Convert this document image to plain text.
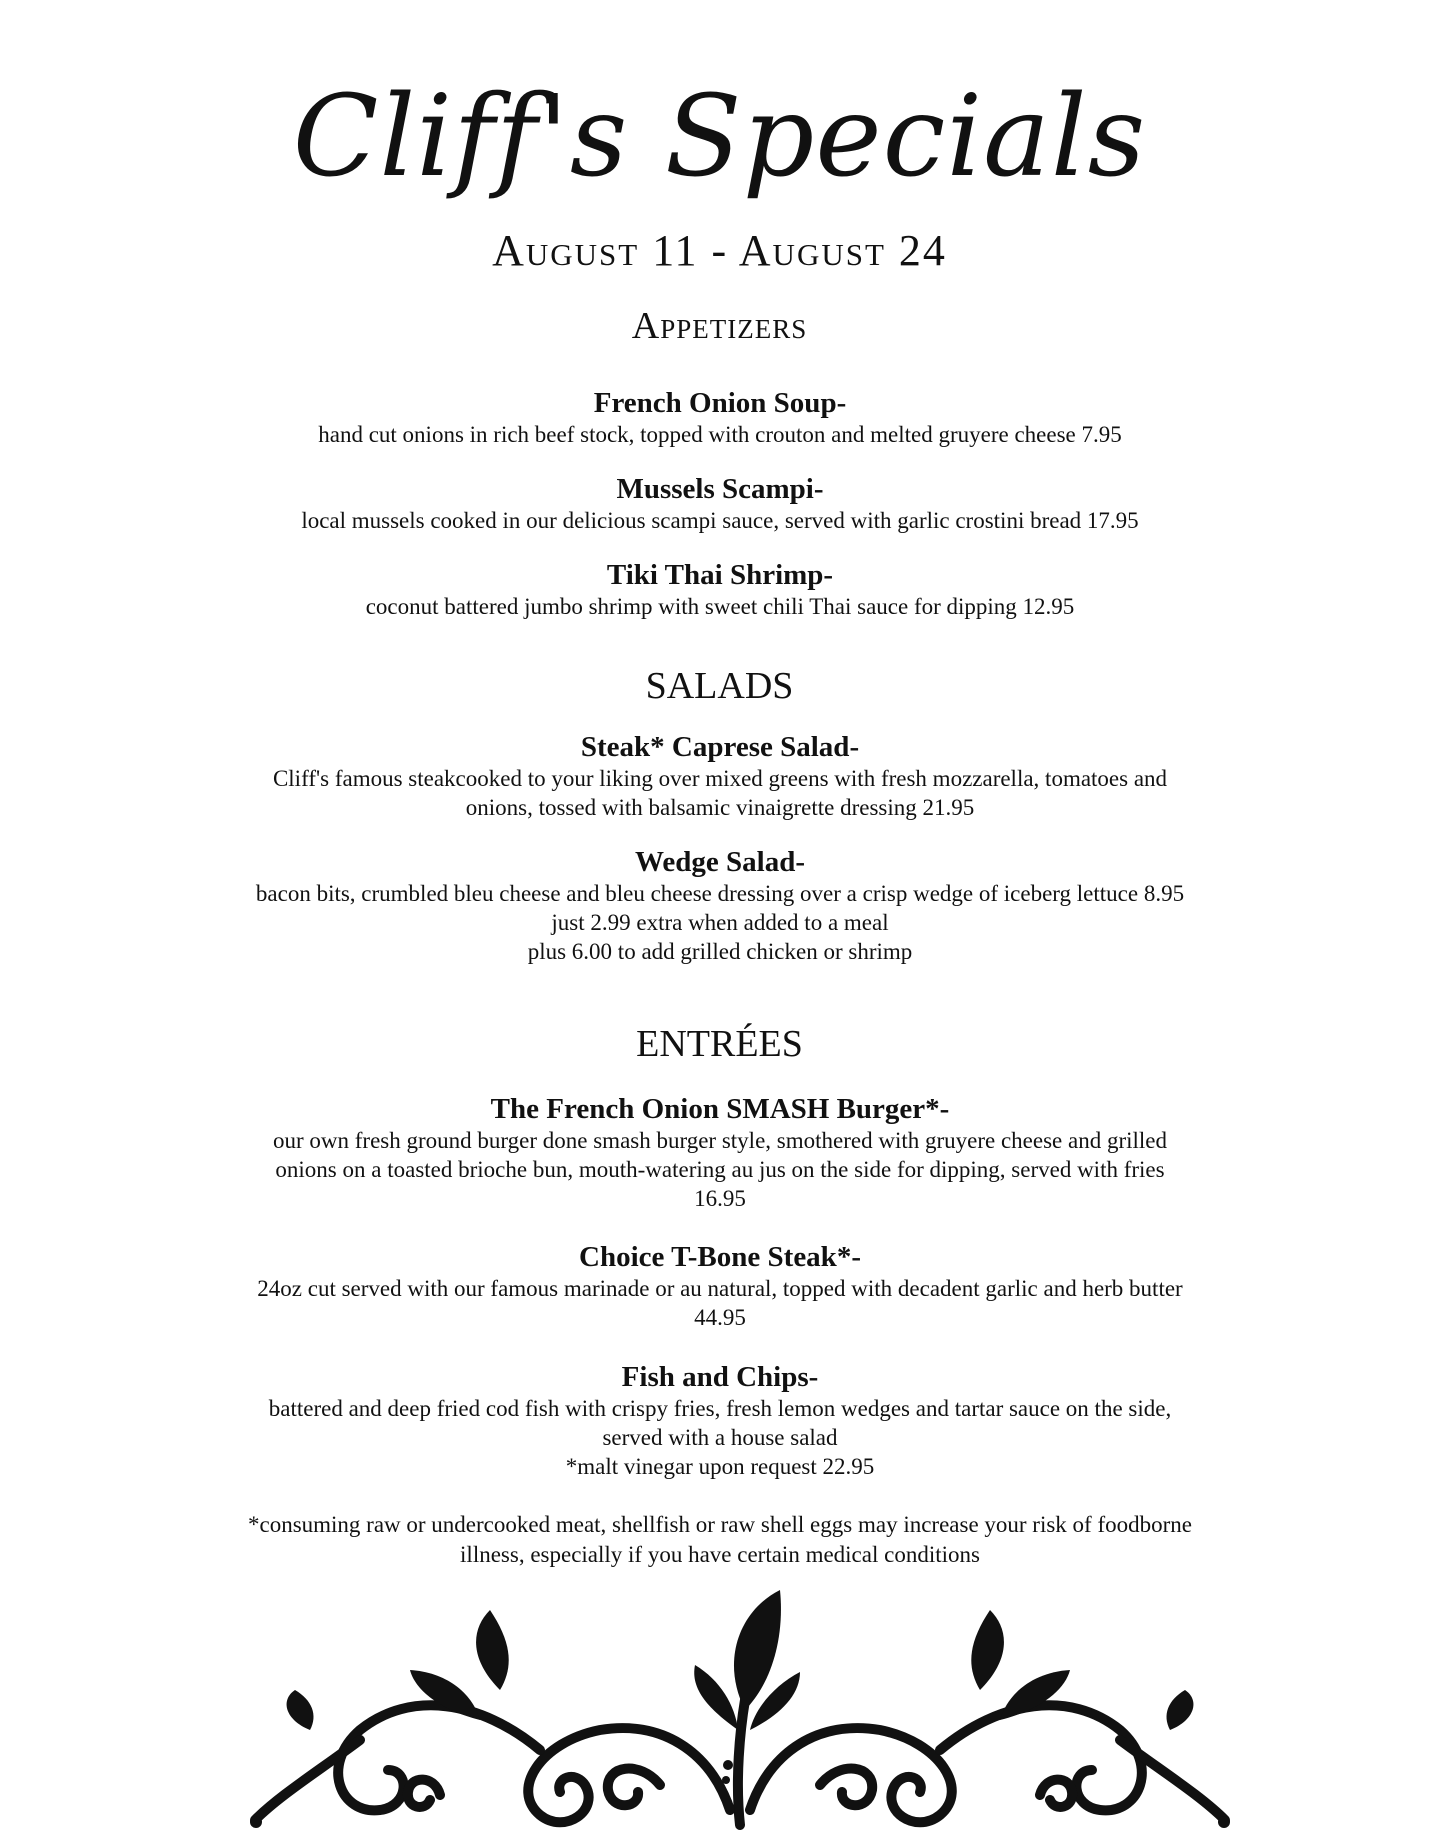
Cliff's Specials
August 11 - August 24
Appetizers
French Onion Soup-
hand cut onions in rich beef stock, topped with crouton and melted gruyere cheese 7.95
Mussels Scampi-
local mussels cooked in our delicious scampi sauce, served with garlic crostini bread 17.95
Tiki Thai Shrimp-
coconut battered jumbo shrimp with sweet chili Thai sauce for dipping 12.95
SALADS
Steak* Caprese Salad-
Cliff's famous steakcooked to your liking over mixed greens with fresh mozzarella, tomatoes and
onions, tossed with balsamic vinaigrette dressing 21.95
Wedge Salad-
bacon bits, crumbled bleu cheese and bleu cheese dressing over a crisp wedge of iceberg lettuce 8.95
just 2.99 extra when added to a meal
plus 6.00 to add grilled chicken or shrimp
ENTRÉES
The French Onion SMASH Burger*-
our own fresh ground burger done smash burger style, smothered with gruyere cheese and grilled
onions on a toasted brioche bun, mouth-watering au jus on the side for dipping, served with fries
16.95
Choice T-Bone Steak*-
24oz cut served with our famous marinade or au natural, topped with decadent garlic and herb butter
44.95
Fish and Chips-
battered and deep fried cod fish with crispy fries, fresh lemon wedges and tartar sauce on the side,
served with a house salad
*malt vinegar upon request 22.95
*consuming raw or undercooked meat, shellfish or raw shell eggs may increase your risk of foodborne
illness, especially if you have certain medical conditions
